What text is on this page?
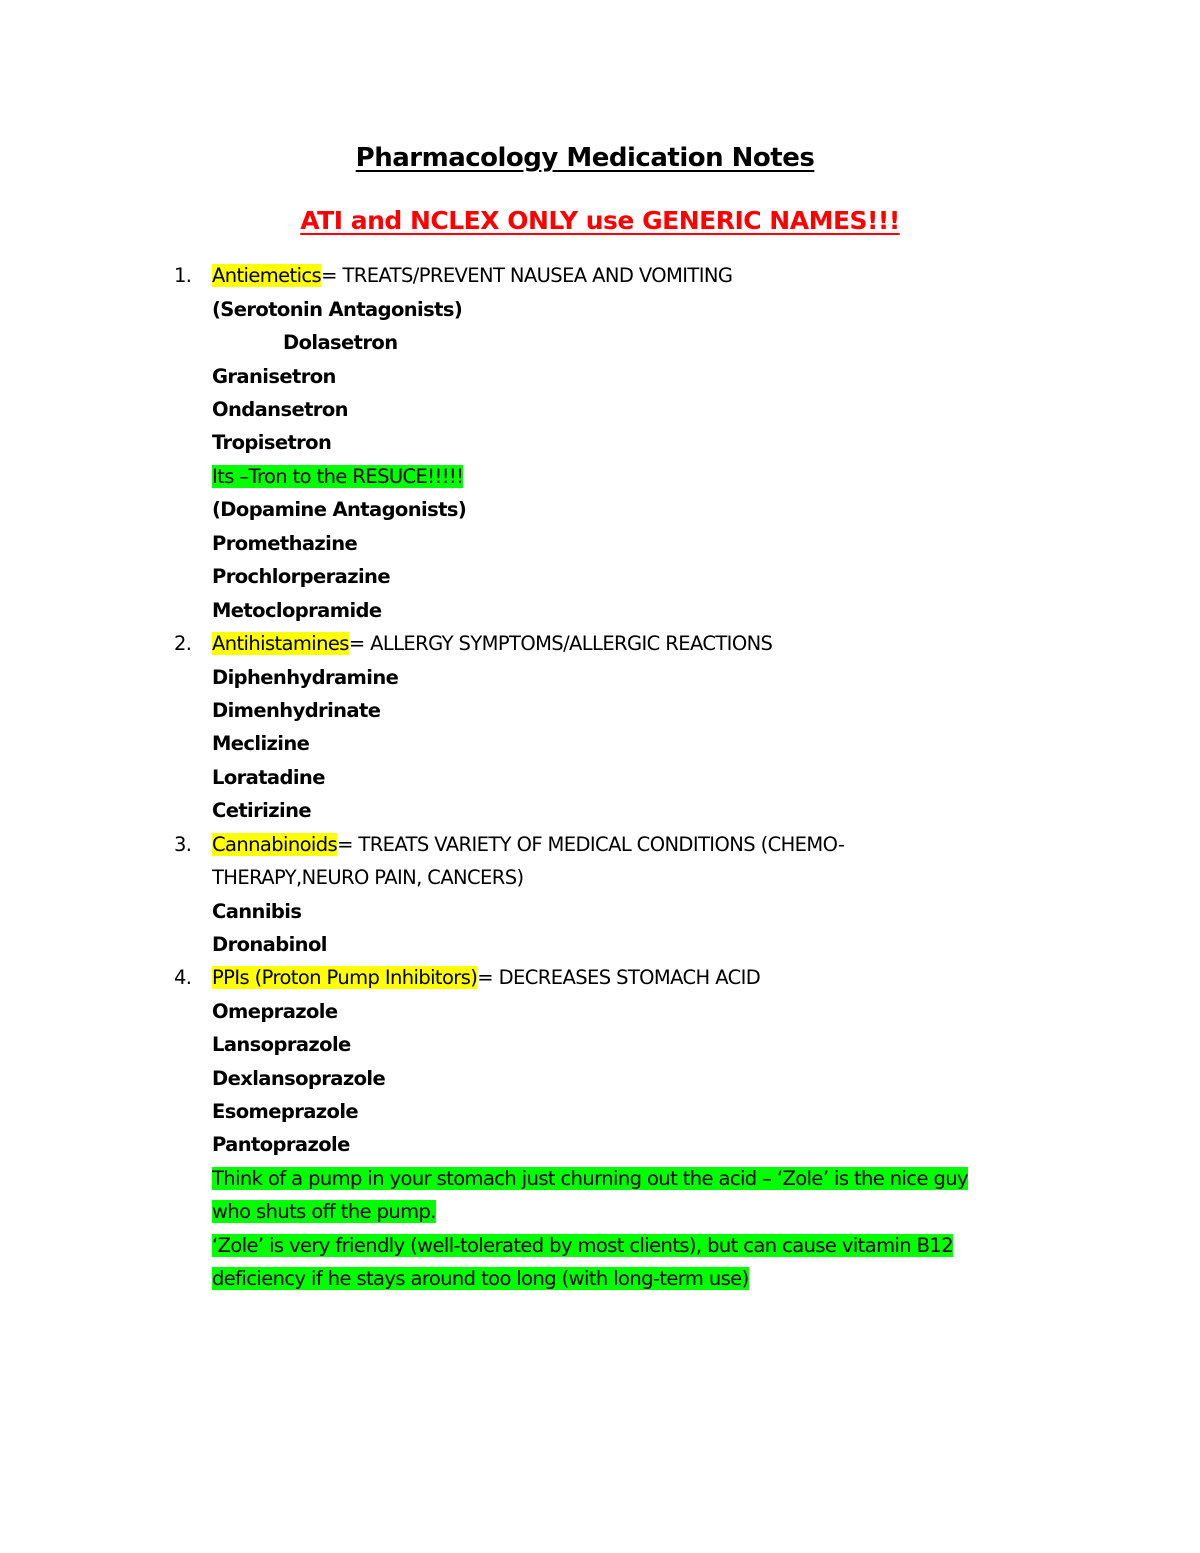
Pharmacology Medication Notes
ATI and NCLEX ONLY use GENERIC NAMES!!!
1. Antiemetics= TREATS/PREVENT NAUSEA AND VOMITING
(Serotonin Antagonists)
Dolasetron
Granisetron
Ondansetron
Tropisetron
Its –Tron to the RESUCE!!!!!
(Dopamine Antagonists)
Promethazine
Prochlorperazine
Metoclopramide
2. Antihistamines= ALLERGY SYMPTOMS/ALLERGIC REACTIONS
Diphenhydramine
Dimenhydrinate
Meclizine
Loratadine
Cetirizine
3. Cannabinoids= TREATS VARIETY OF MEDICAL CONDITIONS (CHEMO-
THERAPY,NEURO PAIN, CANCERS)
Cannibis
Dronabinol
4. PPIs (Proton Pump Inhibitors)= DECREASES STOMACH ACID
Omeprazole
Lansoprazole
Dexlansoprazole
Esomeprazole
Pantoprazole
Think of a pump in your stomach just churning out the acid – ‘Zole’ is the nice guy
who shuts off the pump.
‘Zole’ is very friendly (well-tolerated by most clients), but can cause vitamin B12
deficiency if he stays around too long (with long-term use)
